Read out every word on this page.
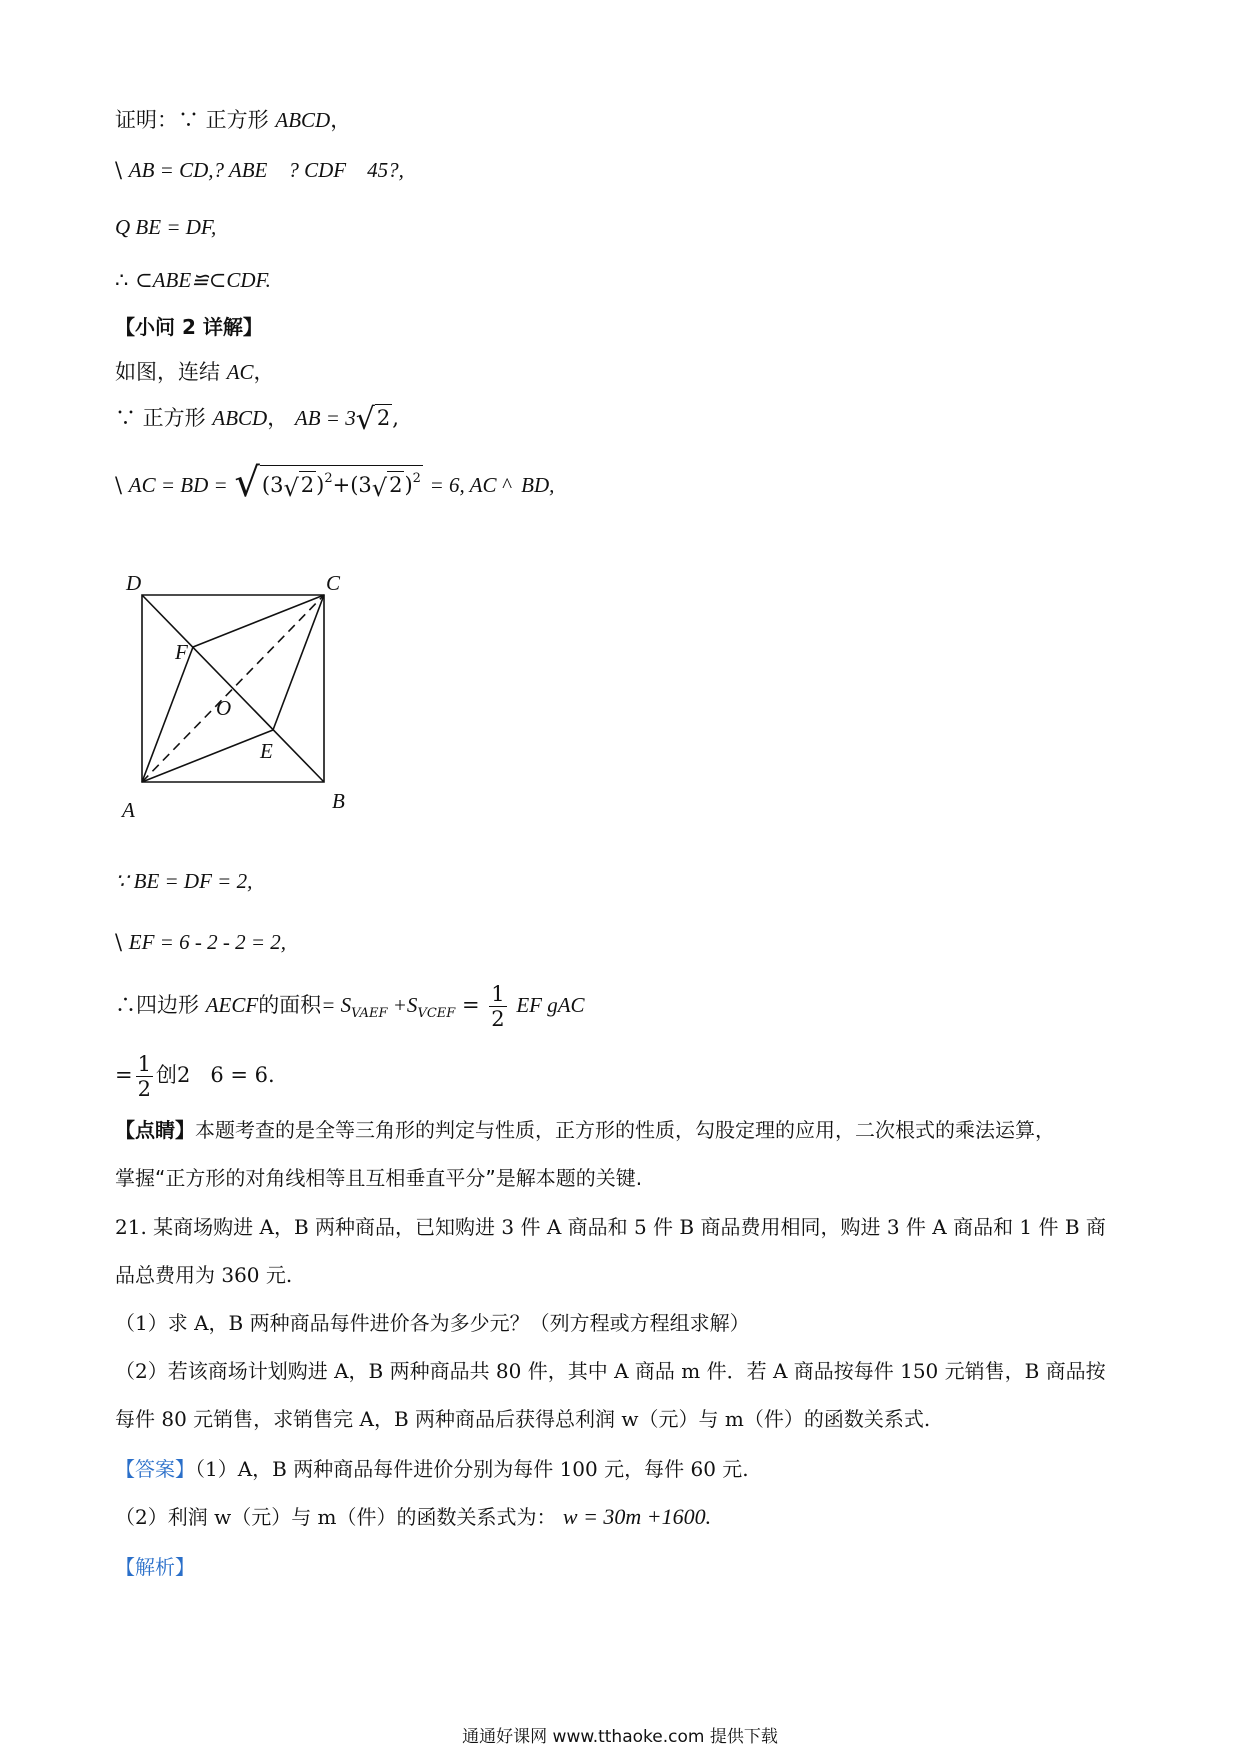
证明：∵ 正方形 ABCD，
\ AB = CD,? ABE    ? CDF    45?,
Q BE = DF,
∴ ⊂ABE≌⊂CDF.
【小问 2 详解】
如图，连结 AC，
∵ 正方形 ABCD， AB = 3√2,
\ AC = BD = $√(3√2)^2+(3√2)^2 = 6$, AC ^  BD,
D	C
F
O
E
A	B
∵ BE = DF = 2,
\ EF = 6 - 2 - 2 = 2,
∴四边形 AECF的面积= $S_{VAEF} +S_{VCEF} = \frac{1}{2}$ EF gAC
= $\frac{1}{2}$ 创2   6 = 6.
【点睛】本题考查的是全等三角形的判定与性质，正方形的性质，勾股定理的应用，二次根式的乘法运算，
掌握“正方形的对角线相等且互相垂直平分”是解本题的关键.
21. 某商场购进 A，B 两种商品，已知购进 3 件 A 商品和 5 件 B 商品费用相同，购进 3 件 A 商品和 1 件 B 商
品总费用为 360 元.
（1）求 A，B 两种商品每件进价各为多少元？（列方程或方程组求解）
（2）若该商场计划购进 A，B 两种商品共 80 件，其中 A 商品 m 件．若 A 商品按每件 150 元销售，B 商品按
每件 80 元销售，求销售完 A，B 两种商品后获得总利润 w（元）与 m（件）的函数关系式.
【答案】（1）A，B 两种商品每件进价分别为每件 100 元，每件 60 元.
（2）利润 w（元）与 m（件）的函数关系式为： w = 30m +1600.
【解析】
通通好课网 www.tthaoke.com 提供下载
